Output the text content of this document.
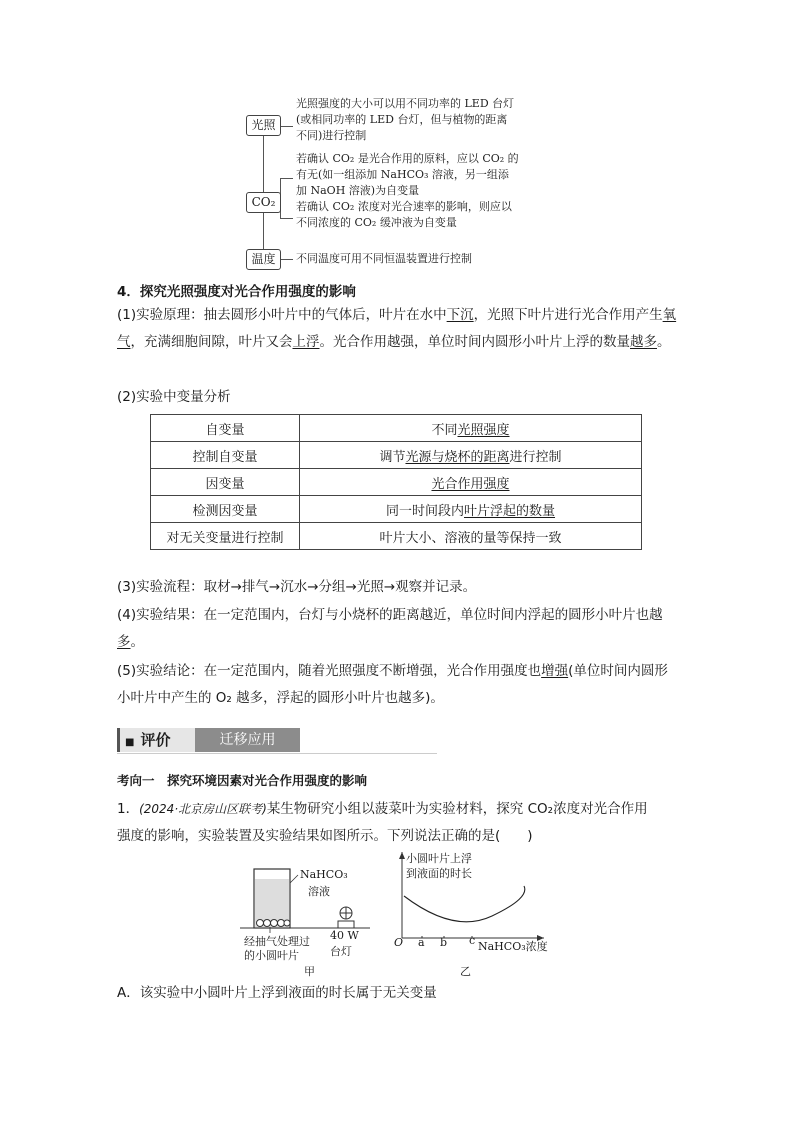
光照
CO₂
温度
光照强度的大小可以用不同功率的 LED 台灯
(或相同功率的 LED 台灯，但与植物的距离
不同)进行控制
若确认 CO₂ 是光合作用的原料，应以 CO₂ 的
有无(如一组添加 NaHCO₃ 溶液，另一组添
加 NaOH 溶液)为自变量
若确认 CO₂ 浓度对光合速率的影响，则应以
不同浓度的 CO₂ 缓冲液为自变量
不同温度可用不同恒温装置进行控制
4．探究光照强度对光合作用强度的影响
(1)实验原理：抽去圆形小叶片中的气体后，叶片在水中下沉，光照下叶片进行光合作用产生氧气，充满细胞间隙，叶片又会上浮。光合作用越强，单位时间内圆形小叶片上浮的数量越多。
(2)实验中变量分析
自变量	不同光照强度
控制自变量	调节光源与烧杯的距离进行控制
因变量	光合作用强度
检测因变量	同一时间段内叶片浮起的数量
对无关变量进行控制	叶片大小、溶液的量等保持一致
(3)实验流程：取材→排气→沉水→分组→光照→观察并记录。
(4)实验结果：在一定范围内，台灯与小烧杯的距离越近，单位时间内浮起的圆形小叶片也越多。
(5)实验结论：在一定范围内，随着光照强度不断增强，光合作用强度也增强(单位时间内圆形
小叶片中产生的 O₂ 越多，浮起的圆形小叶片也越多)。
■ 评价	迁移应用
考向一　探究环境因素对光合作用强度的影响
1．(2024·北京房山区联考)某生物研究小组以菠菜叶为实验材料，探究 CO₂浓度对光合作用
强度的影响，实验装置及实验结果如图所示。下列说法正确的是(　　)
NaHCO₃
溶液
经抽气处理过
的小圆叶片
40 W
台灯
甲
小圆叶片上浮
到液面的时长
O a b c NaHCO₃浓度
乙
A．该实验中小圆叶片上浮到液面的时长属于无关变量
